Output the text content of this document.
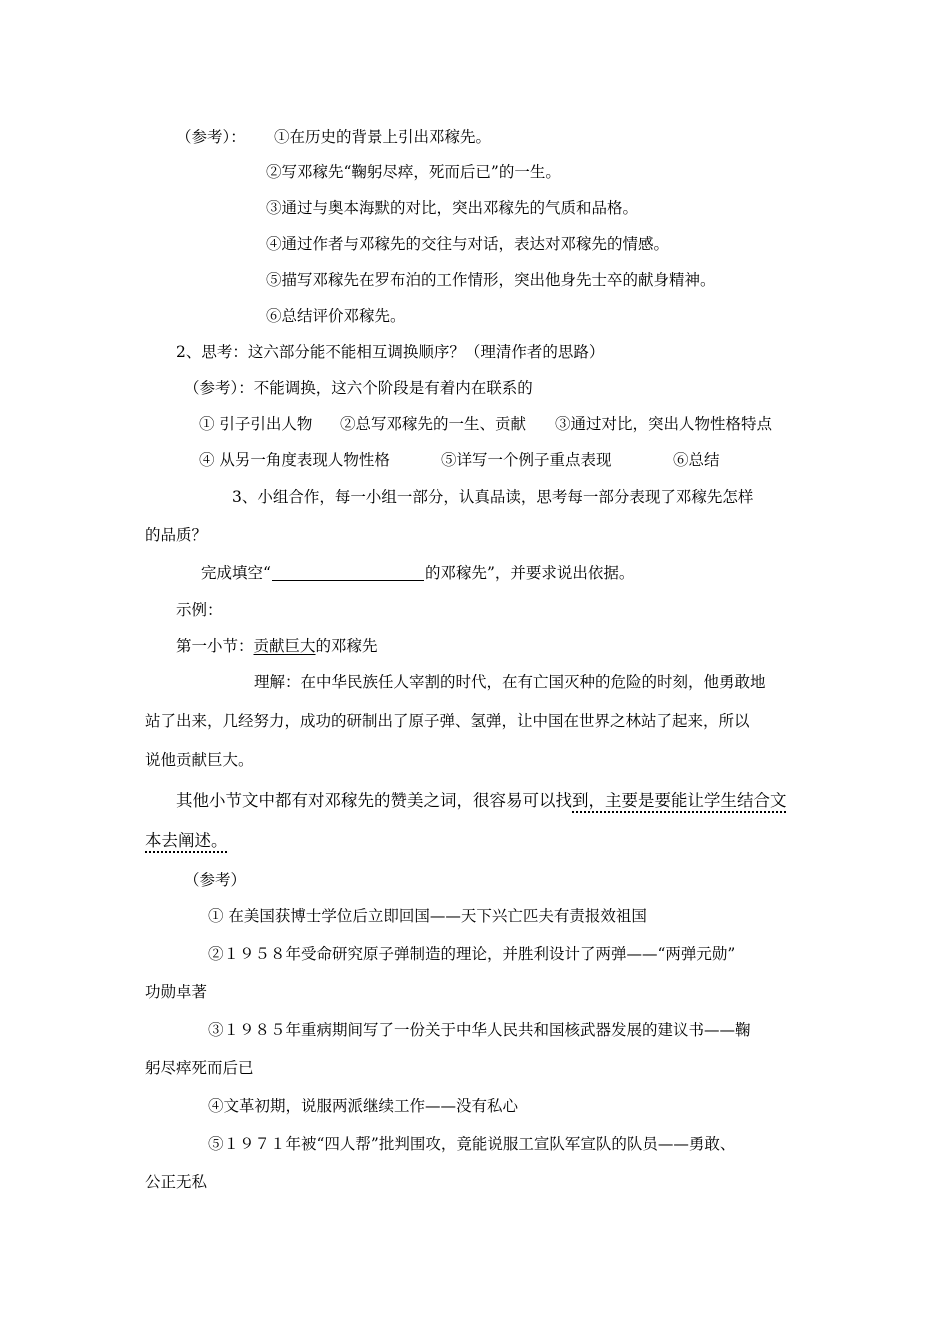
（参考）： ①在历史的背景上引出邓稼先。
②写邓稼先“鞠躬尽瘁，死而后已”的一生。
③通过与奥本海默的对比，突出邓稼先的气质和品格。
④通过作者与邓稼先的交往与对话，表达对邓稼先的情感。
⑤描写邓稼先在罗布泊的工作情形，突出他身先士卒的献身精神。
⑥总结评价邓稼先。
2、思考：这六部分能不能相互调换顺序？（理清作者的思路）
（参考）：不能调换，这六个阶段是有着内在联系的
① 引子引出人物 ②总写邓稼先的一生、贡献 ③通过对比，突出人物性格特点
④ 从另一角度表现人物性格	⑤详写一个例子重点表现	⑥总结
3、小组合作，每一小组一部分，认真品读，思考每一部分表现了邓稼先怎样
的品质？
完成填空“	的邓稼先”，并要求说出依据。
示例：
第一小节：贡献巨大的邓稼先
理解：在中华民族任人宰割的时代，在有亡国灭种的危险的时刻，他勇敢地
站了出来，几经努力，成功的研制出了原子弹、氢弹，让中国在世界之林站了起来，所以
说他贡献巨大。
其他小节文中都有对邓稼先的赞美之词，很容易可以找到，主要是要能让学生结合文
本去阐述。
（参考）
① 在美国获博士学位后立即回国——天下兴亡匹夫有责报效祖国
②１９５８年受命研究原子弹制造的理论，并胜利设计了两弹——“两弹元勋”
功勋卓著
③１９８５年重病期间写了一份关于中华人民共和国核武器发展的建议书——鞠
躬尽瘁死而后已
④文革初期，说服两派继续工作——没有私心
⑤１９７１年被“四人帮”批判围攻，竟能说服工宣队军宣队的队员——勇敢、
公正无私
